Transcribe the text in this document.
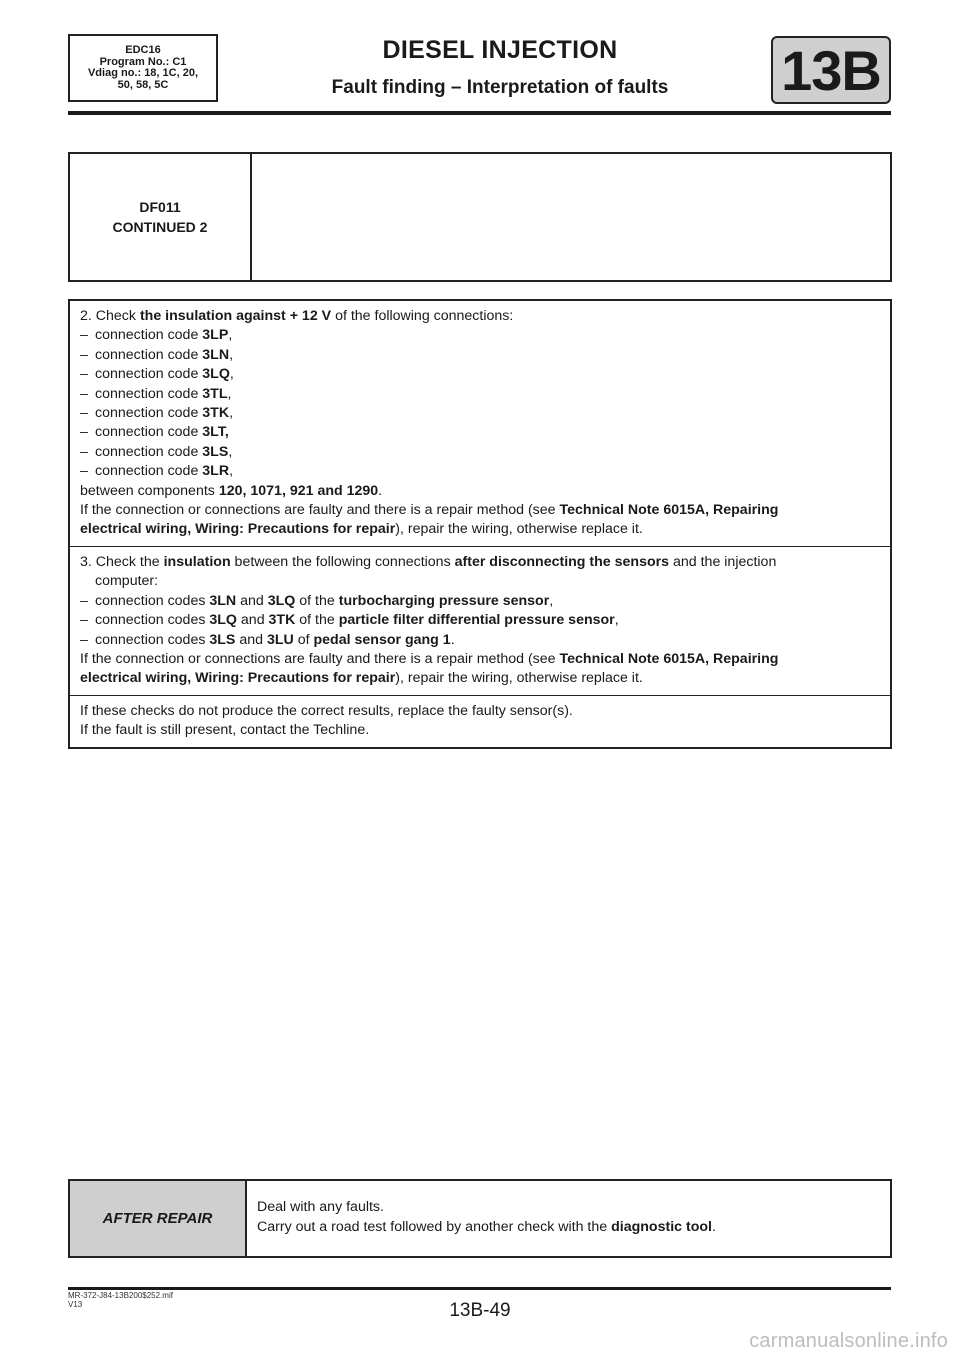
EDC16
Program No.: C1
Vdiag no.: 18, 1C, 20,
50, 58, 5C
DIESEL INJECTION
Fault finding – Interpretation of faults	13B
DF011
CONTINUED 2
2. Check the insulation against + 12 V of the following connections:
– connection code 3LP,
– connection code 3LN,
– connection code 3LQ,
– connection code 3TL,
– connection code 3TK,
– connection code 3LT,
– connection code 3LS,
– connection code 3LR,
between components 120, 1071, 921 and 1290.
If the connection or connections are faulty and there is a repair method (see Technical Note 6015A, Repairing
electrical wiring, Wiring: Precautions for repair), repair the wiring, otherwise replace it.
3. Check the insulation between the following connections after disconnecting the sensors and the injection
computer:
– connection codes 3LN and 3LQ of the turbocharging pressure sensor,
– connection codes 3LQ and 3TK of the particle filter differential pressure sensor,
– connection codes 3LS and 3LU of pedal sensor gang 1.
If the connection or connections are faulty and there is a repair method (see Technical Note 6015A, Repairing
electrical wiring, Wiring: Precautions for repair), repair the wiring, otherwise replace it.
If these checks do not produce the correct results, replace the faulty sensor(s).
If the fault is still present, contact the Techline.
AFTER REPAIR
Deal with any faults.
Carry out a road test followed by another check with the diagnostic tool.
MR-372-J84-13B200$252.mif
V13	13B-49
carmanualsonline.info
